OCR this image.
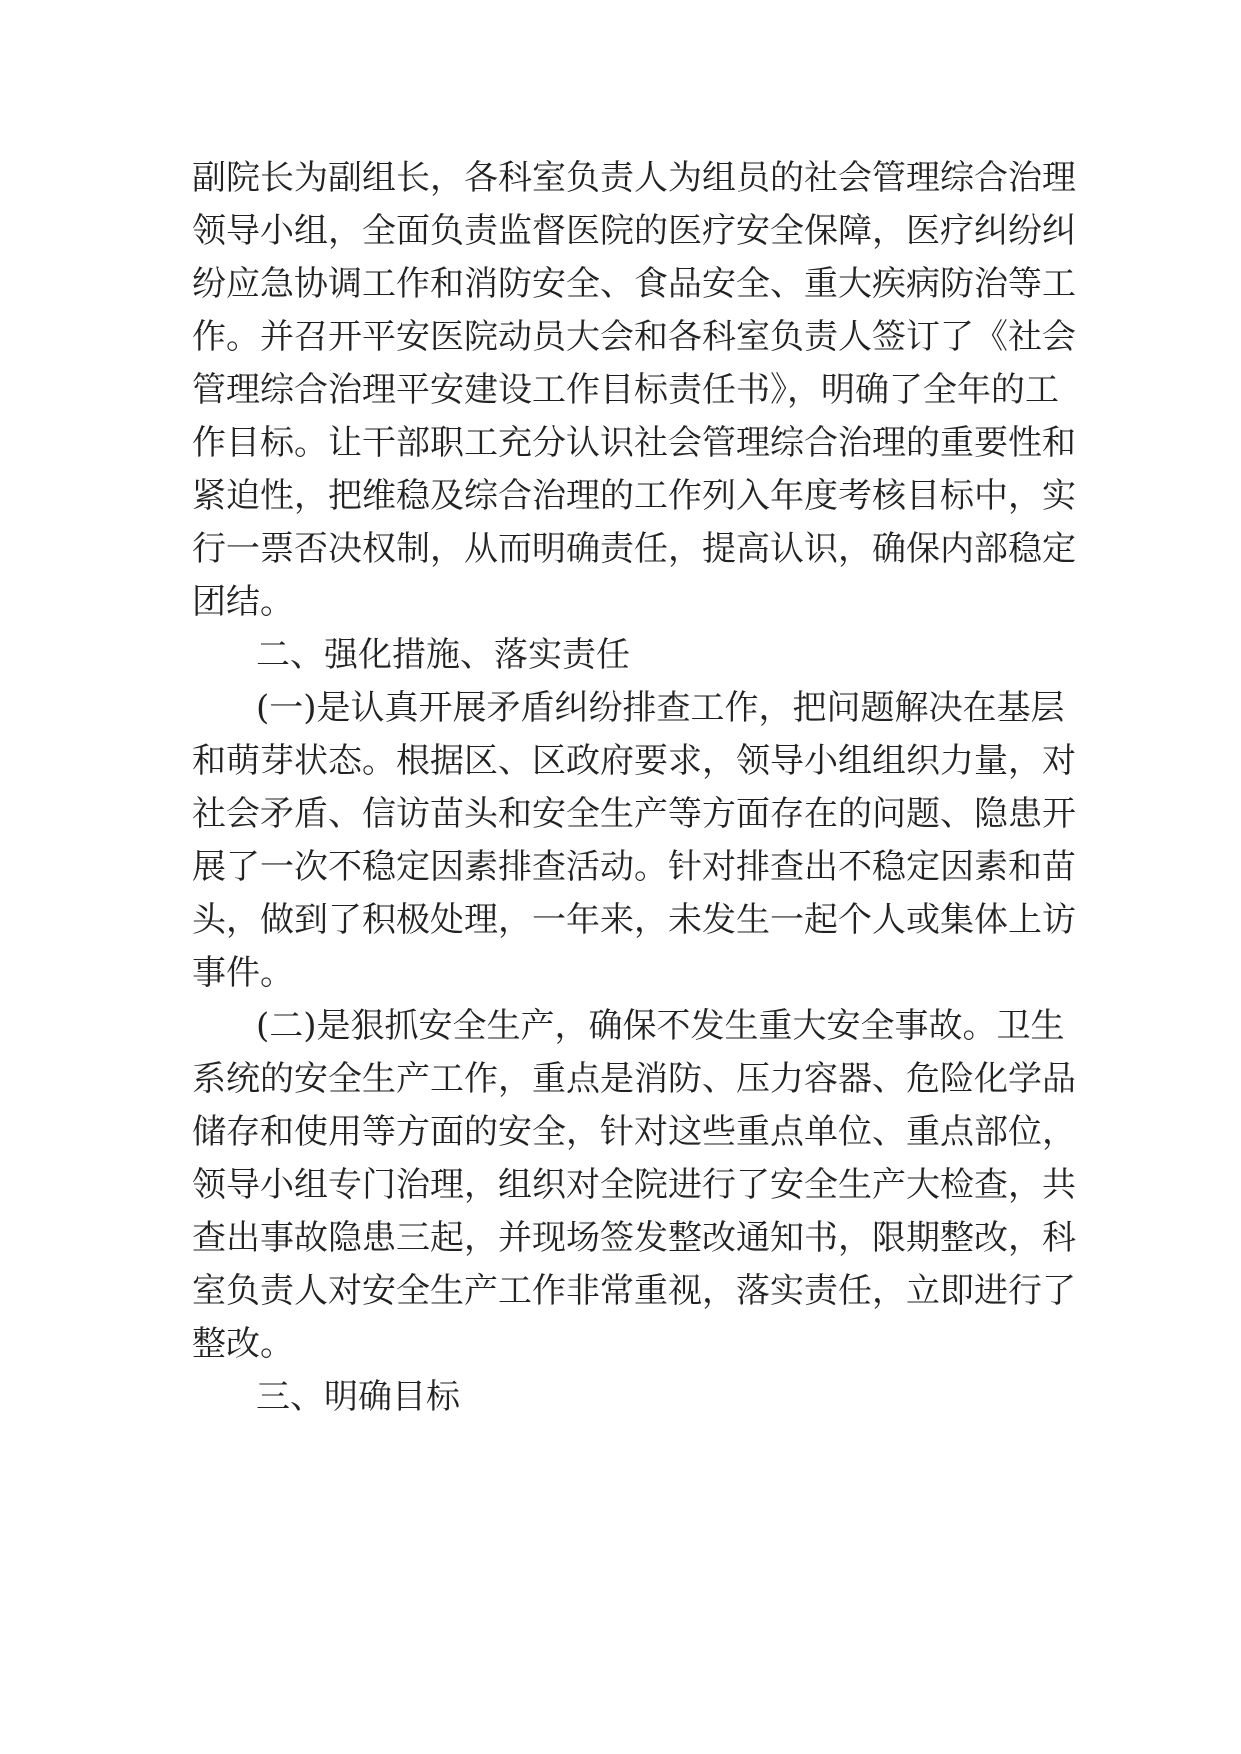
副院长为副组长，各科室负责人为组员的社会管理综合治理
领导小组，全面负责监督医院的医疗安全保障，医疗纠纷纠
纷应急协调工作和消防安全、食品安全、重大疾病防治等工
作。并召开平安医院动员大会和各科室负责人签订了《社会
管理综合治理平安建设工作目标责任书》，明确了全年的工
作目标。让干部职工充分认识社会管理综合治理的重要性和
紧迫性，把维稳及综合治理的工作列入年度考核目标中，实
行一票否决权制，从而明确责任，提高认识，确保内部稳定
团结。
二、强化措施、落实责任
(一)是认真开展矛盾纠纷排查工作，把问题解决在基层
和萌芽状态。根据区、区政府要求，领导小组组织力量，对
社会矛盾、信访苗头和安全生产等方面存在的问题、隐患开
展了一次不稳定因素排查活动。针对排查出不稳定因素和苗
头，做到了积极处理，一年来，未发生一起个人或集体上访
事件。
(二)是狠抓安全生产，确保不发生重大安全事故。卫生
系统的安全生产工作，重点是消防、压力容器、危险化学品
储存和使用等方面的安全，针对这些重点单位、重点部位，
领导小组专门治理，组织对全院进行了安全生产大检查，共
查出事故隐患三起，并现场签发整改通知书，限期整改，科
室负责人对安全生产工作非常重视，落实责任，立即进行了
整改。
三、明确目标
